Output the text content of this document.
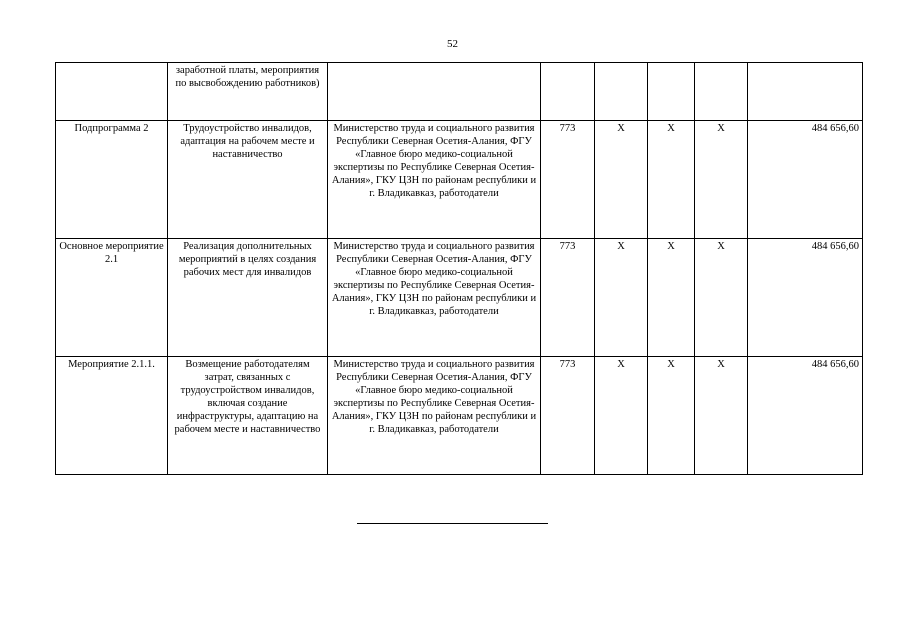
52
	заработной платы, мероприятия по высвобождению работников)						
Подпрограмма 2	Трудоустройство инвалидов, адаптация на рабочем месте и наставничество	Министерство труда и социального развития Республики Северная Осетия-Алания, ФГУ «Главное бюро медико-социальной экспертизы по Республике Северная Осетия-Алания», ГКУ ЦЗН по районам республики и г. Владикавказ, работодатели	773	Х	Х	Х	484 656,60
Основное мероприятие 2.1	Реализация дополнительных мероприятий в целях создания рабочих мест для инвалидов	Министерство труда и социального развития Республики Северная Осетия-Алания, ФГУ «Главное бюро медико-социальной экспертизы по Республике Северная Осетия-Алания», ГКУ ЦЗН по районам республики и г. Владикавказ, работодатели	773	Х	Х	Х	484 656,60
Мероприятие 2.1.1.	Возмещение работодателям затрат, связанных с трудоустройством инвалидов, включая создание инфраструктуры, адаптацию на рабочем месте и наставничество	Министерство труда и социального развития Республики Северная Осетия-Алания, ФГУ «Главное бюро медико-социальной экспертизы по Республике Северная Осетия-Алания», ГКУ ЦЗН по районам республики и г. Владикавказ, работодатели	773	Х	Х	Х	484 656,60
